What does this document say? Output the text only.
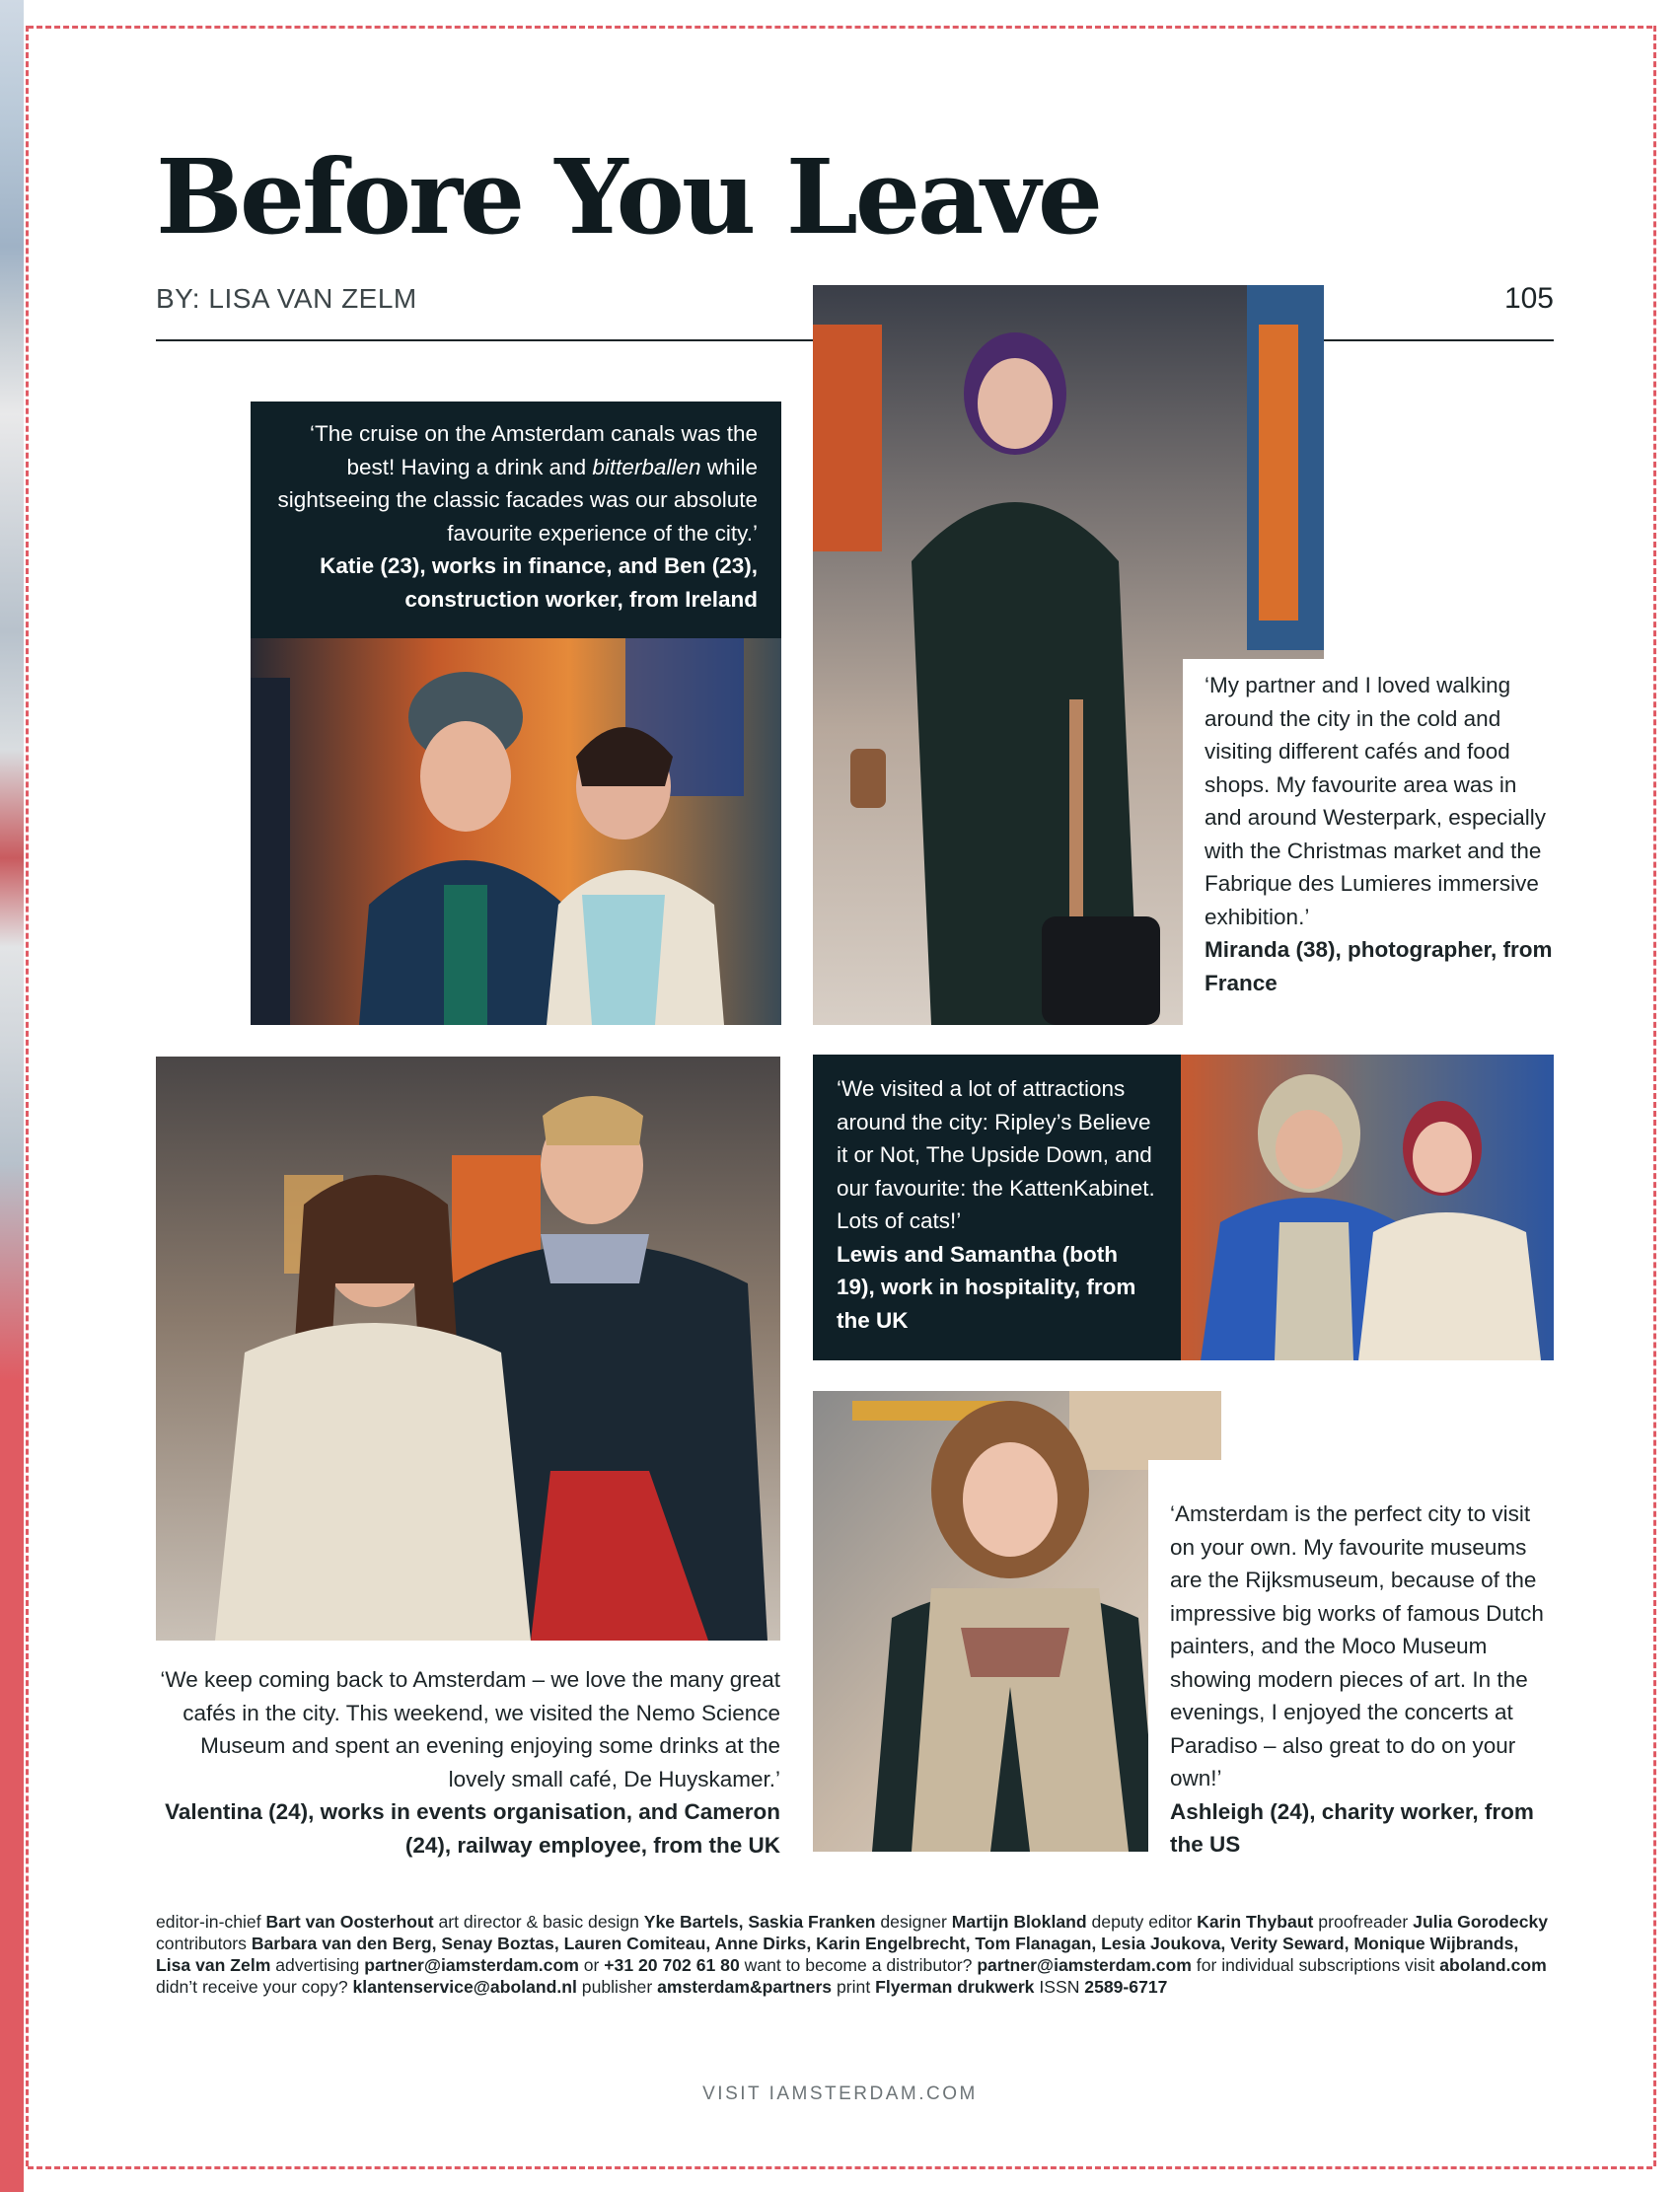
Before You Leave
BY: LISA VAN ZELM	105

‘The cruise on the Amsterdam canals was the best! Having a drink and bitterballen while sightseeing the classic facades was our absolute favourite experience of the city.’

Katie (23), works in finance, and Ben (23), construction worker, from Ireland

‘My partner and I loved walking around the city in the cold and visiting different cafés and food shops. My favourite area was in and around Westerpark, especially with the Christmas market and the Fabrique des Lumieres immersive exhibition.’

Miranda (38), photographer, from France

‘We visited a lot of attractions around the city: Ripley’s Believe it or Not, The Upside Down, and our favourite: the KattenKabinet. Lots of cats!’

Lewis and Samantha (both 19), work in hospitality, from the UK

‘We keep coming back to Amsterdam – we love the many great cafés in the city. This weekend, we visited the Nemo Science Museum and spent an evening enjoying some drinks at the lovely small café, De Huyskamer.’

Valentina (24), works in events organisation, and Cameron (24), railway employee, from the UK

‘Amsterdam is the perfect city to visit on your own. My favourite museums are the Rijksmuseum, because of the impressive big works of famous Dutch painters, and the Moco Museum showing modern pieces of art. In the evenings, I enjoyed the concerts at Paradiso – also great to do on your own!’

Ashleigh (24), charity worker, from the US

editor-in-chief Bart van Oosterhout art director & basic design Yke Bartels, Saskia Franken designer Martijn Blokland deputy editor Karin Thybaut proofreader Julia Gorodecky contributors Barbara van den Berg, Senay Boztas, Lauren Comiteau, Anne Dirks, Karin Engelbrecht, Tom Flanagan, Lesia Joukova, Verity Seward, Monique Wijbrands, Lisa van Zelm advertising partner@iamsterdam.com or +31 20 702 61 80 want to become a distributor? partner@iamsterdam.com for individual subscriptions visit aboland.com didn’t receive your copy? klantenservice@aboland.nl publisher amsterdam&partners print Flyerman drukwerk ISSN 2589-6717
VISIT IAMSTERDAM.COM
